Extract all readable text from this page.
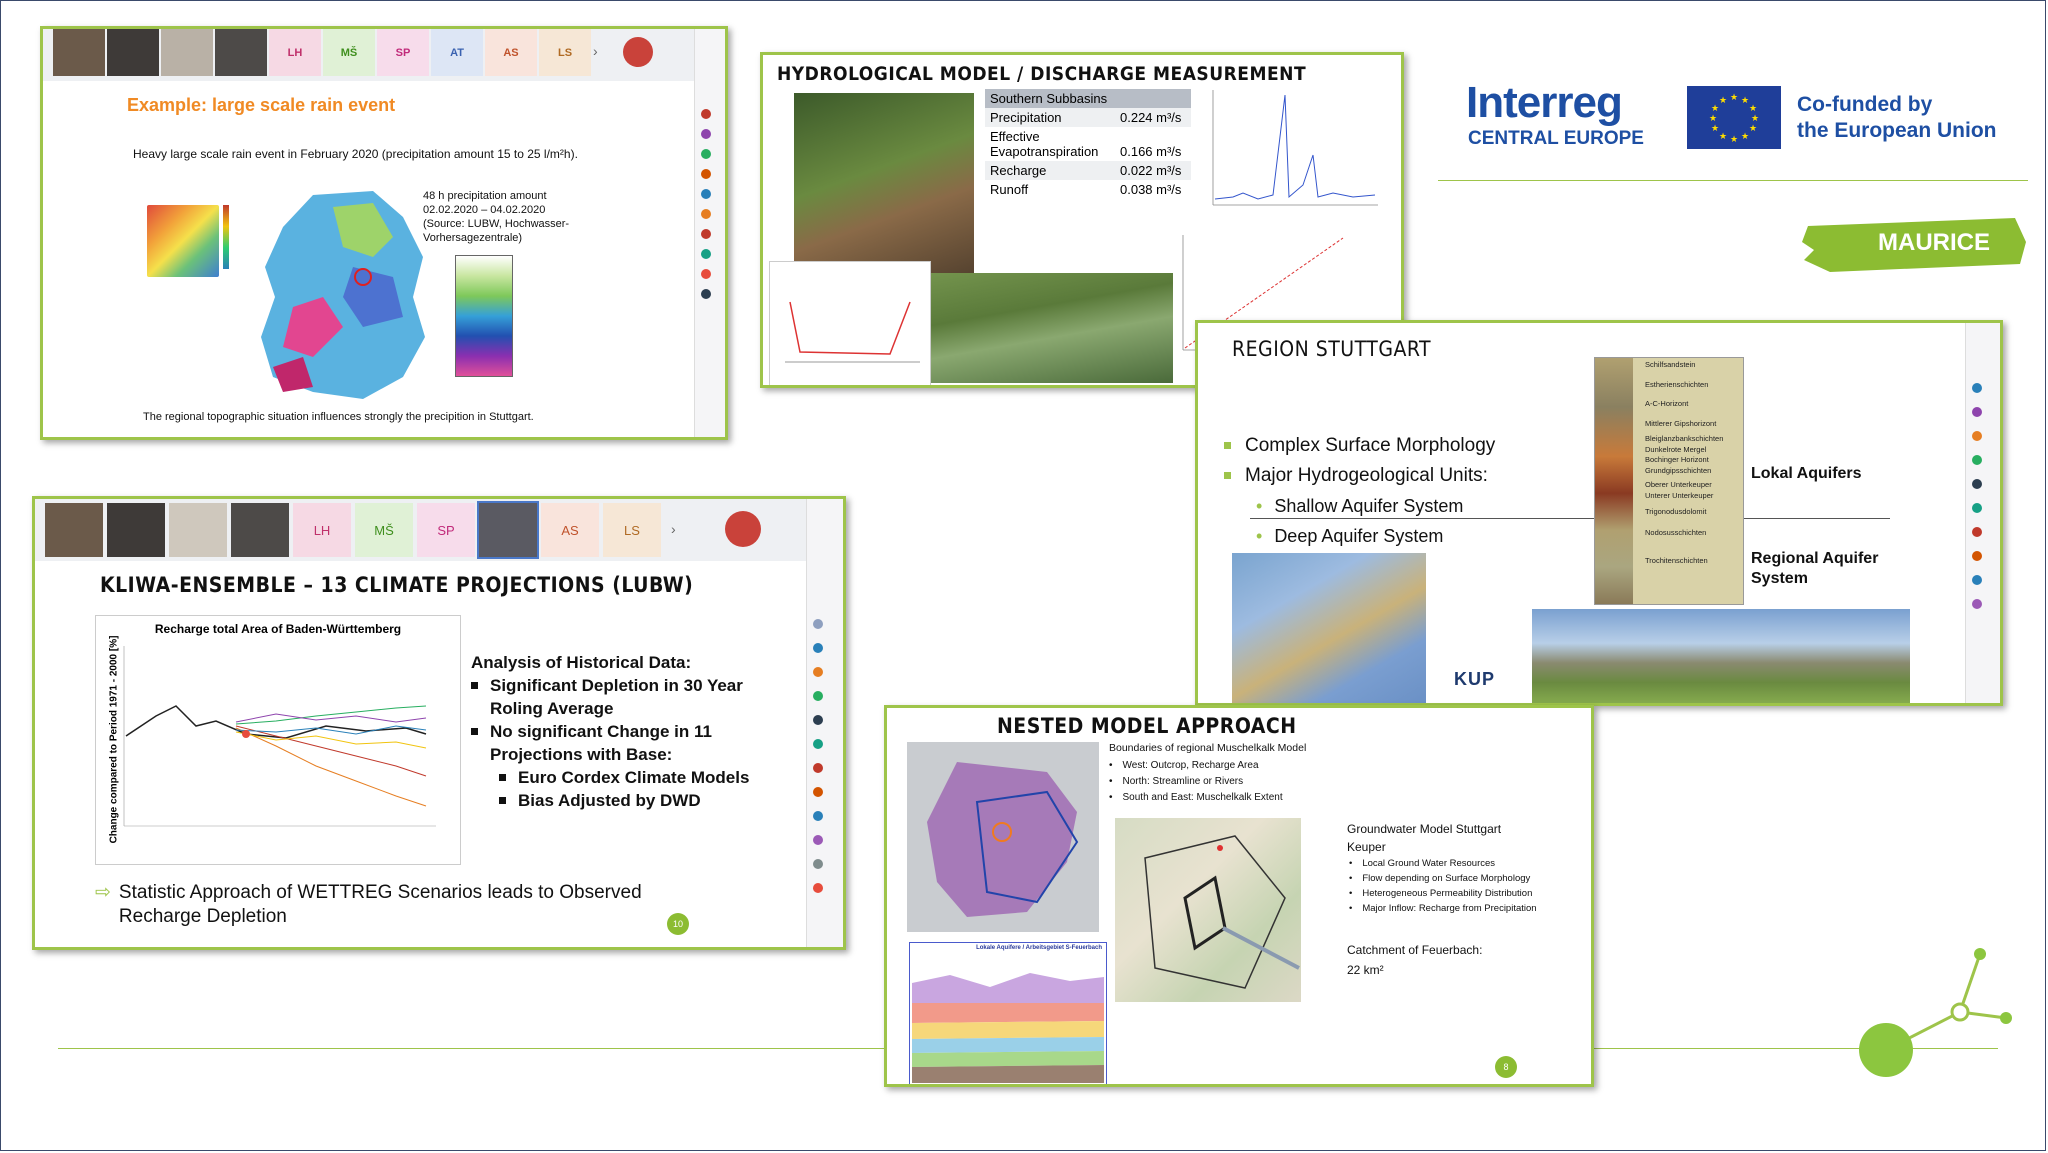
Interreg
CENTRAL EUROPE
★ ★
★
★
★
★
★
★
★
★
★
★	Co-funded by
the European Union
MAURICE
LH	MŠ	SP	AT	AS	LS	›
Example: large scale rain event
Heavy large scale rain event in February 2020 (precipitation amount 15 to 25 l/m²h).
48 h precipitation amount
02.02.2020 – 04.02.2020
(Source: LUBW, Hochwasser-
Vorhersagezentrale)
The regional topographic situation influences strongly the precipition in Stuttgart.
HYDROLOGICAL MODEL / DISCHARGE MEASUREMENT
Southern Subbasins	
Precipitation	0.224 m³/s
Effective Evapotranspiration	0.166 m³/s
Recharge	0.022 m³/s
Runoff	0.038 m³/s
REGION STUTTGART
Complex Surface Morphology
Major Hydrogeological Units:
• Shallow Aquifer System
• Deep Aquifer System
Schilfsandstein
Estherienschichten
A-C-Horizont
Mittlerer Gipshorizont
Bleiglanzbankschichten
Dunkelrote Mergel
Bochinger Horizont
Grundgipsschichten
Oberer Unterkeuper
Unterer Unterkeuper
Trigonodusdolomit
Nodosusschichten
Trochitenschichten
Lokal Aquifers
Regional Aquifer System
KUP
LH	MŠ	SP	AS	LS	›
KLIWA-ENSEMBLE – 13 CLIMATE PROJECTIONS (LUBW)
Recharge total Area of Baden-Württemberg
Change compared to Period 1971 - 2000 [%]	Analysis of Historical Data:
Significant Depletion in 30 Year Roling Average
No significant Change in 11 Projections with Base:
Euro Cordex Climate Models
Bias Adjusted by DWD
⇨ Statistic Approach of WETTREG Scenarios leads to Observed Recharge Depletion	10
NESTED MODEL APPROACH
Boundaries of regional Muschelkalk Model
• West: Outcrop, Recharge Area
• North: Streamline or Rivers
• South and East: Muschelkalk Extent
Groundwater Model Stuttgart
Keuper
• Local Ground Water Resources
• Flow depending on Surface Morphology
• Heterogeneous Permeability Distribution
• Major Inflow: Recharge from Precipitation
Catchment of Feuerbach:
22 km²
Lokale Aquifere / Arbeitsgebiet S-Feuerbach
8
